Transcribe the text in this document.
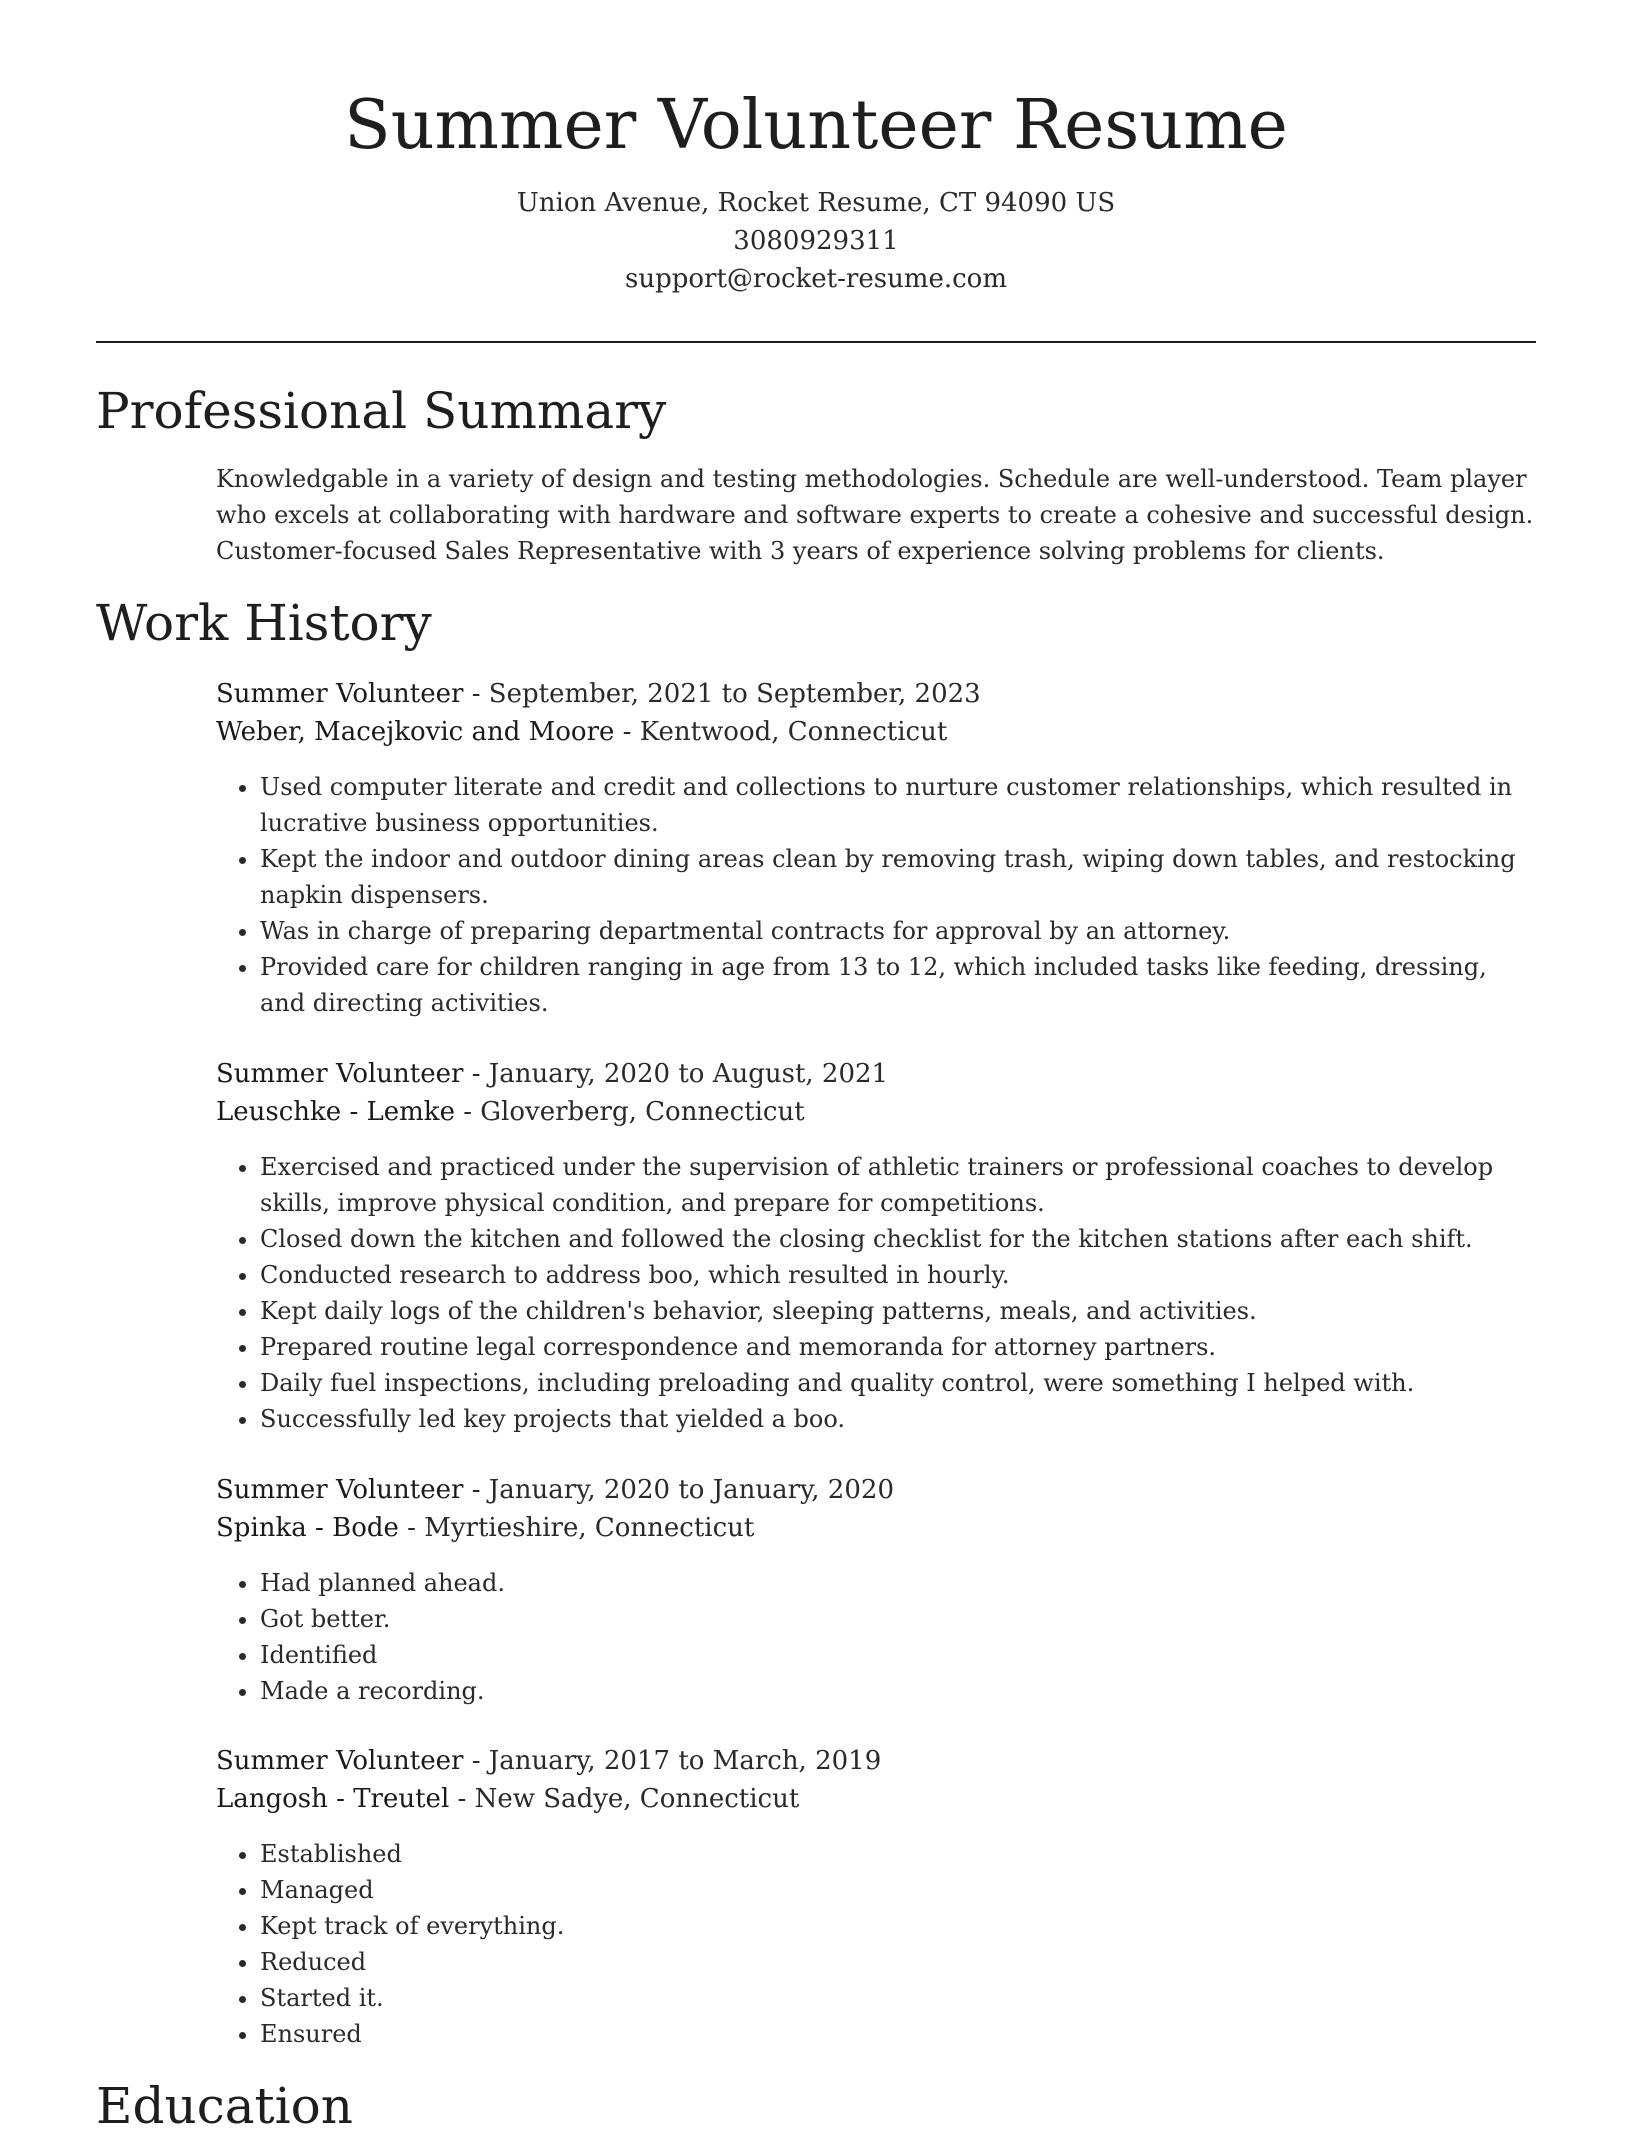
Summer Volunteer Resume
Union Avenue, Rocket Resume, CT 94090 US
3080929311
support@rocket-resume.com
Professional Summary
Knowledgable in a variety of design and testing methodologies. Schedule are well-understood. Team player who excels at collaborating with hardware and software experts to create a cohesive and successful design. Customer-focused Sales Representative with 3 years of experience solving problems for clients.
Work History
Summer Volunteer - September, 2021 to September, 2023
Weber, Macejkovic and Moore - Kentwood, Connecticut
• Used computer literate and credit and collections to nurture customer relationships, which resulted in lucrative business opportunities.
• Kept the indoor and outdoor dining areas clean by removing trash, wiping down tables, and restocking napkin dispensers.
• Was in charge of preparing departmental contracts for approval by an attorney.
• Provided care for children ranging in age from 13 to 12, which included tasks like feeding, dressing, and directing activities.
Summer Volunteer - January, 2020 to August, 2021
Leuschke - Lemke - Gloverberg, Connecticut
• Exercised and practiced under the supervision of athletic trainers or professional coaches to develop skills, improve physical condition, and prepare for competitions.
• Closed down the kitchen and followed the closing checklist for the kitchen stations after each shift.
• Conducted research to address boo, which resulted in hourly.
• Kept daily logs of the children's behavior, sleeping patterns, meals, and activities.
• Prepared routine legal correspondence and memoranda for attorney partners.
• Daily fuel inspections, including preloading and quality control, were something I helped with.
• Successfully led key projects that yielded a boo.
Summer Volunteer - January, 2020 to January, 2020
Spinka - Bode - Myrtieshire, Connecticut
• Had planned ahead.
• Got better.
• Identified
• Made a recording.
Summer Volunteer - January, 2017 to March, 2019
Langosh - Treutel - New Sadye, Connecticut
• Established
• Managed
• Kept track of everything.
• Reduced
• Started it.
• Ensured
Education
